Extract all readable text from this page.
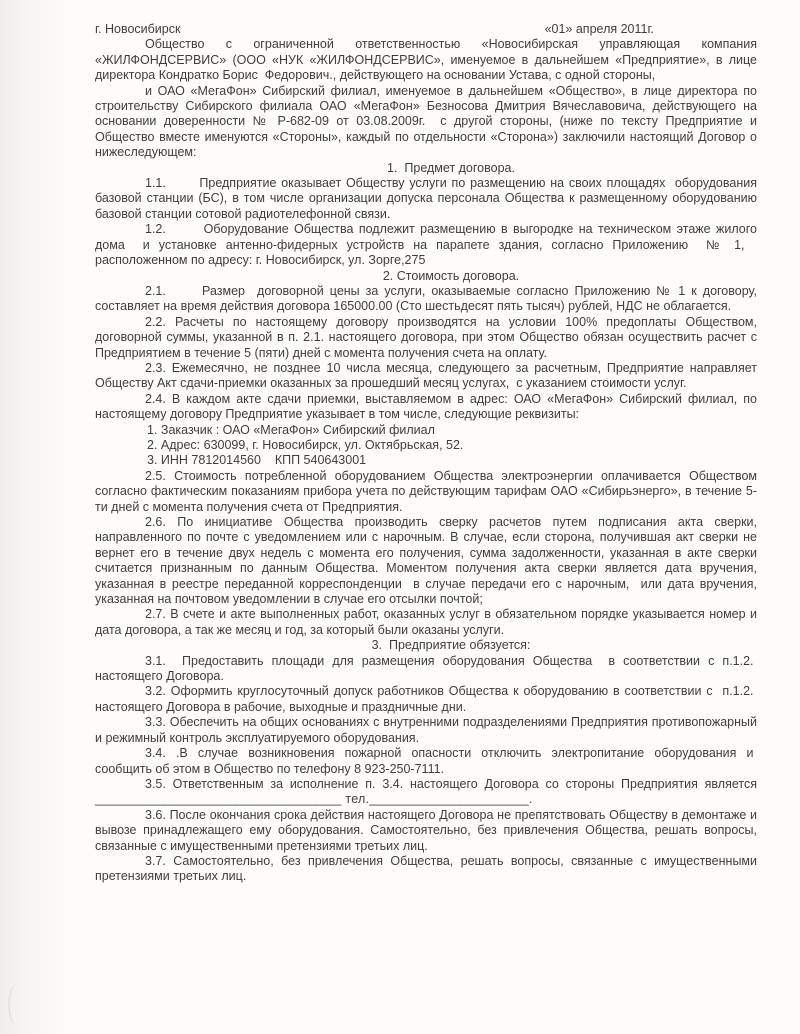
г. Новосибирск	«01» апреля 2011г.

Общество с ограниченной ответственностью «Новосибирская управляющая компания «ЖИЛФОНДСЕРВИС» (ООО «НУК «ЖИЛФОНДСЕРВИС», именуемое в дальнейшем «Предприятие», в лице директора Кондратко Борис  Федорович., действующего на основании Устава, с одной стороны,

и ОАО «МегаФон» Сибирский филиал, именуемое в дальнейшем «Общество», в лице директора по строительству Сибирского филиала ОАО «МегаФон» Безносова Дмитрия Вячеславовича, действующего на основании доверенности № Р-682-09 от 03.08.2009г.  с другой стороны, (ниже по тексту Предприятие и Общество вместе именуются «Стороны», каждый по отдельности «Сторона») заключили настоящий Договор о нижеследующем:

1.  Предмет договора.

1.1.       Предприятие оказывает Обществу услуги по размещению на своих площадях  оборудования базовой станции (БС), в том числе организации допуска персонала Общества к размещенному оборудованию базовой станции сотовой радиотелефонной связи.

1.2.       Оборудование Общества подлежит размещению в выгородке на техническом этаже жилого дома  и установке антенно-фидерных устройств на парапете здания, согласно Приложению  № 1,   расположенном по адресу: г. Новосибирск, ул. Зорге,275

2. Стоимость договора.

2.1.      Размер  договорной цены за услуги, оказываемые согласно Приложению № 1 к договору, составляет на время действия договора 165000.00 (Сто шестьдесят пять тысяч) рублей, НДС не облагается.

2.2. Расчеты по настоящему договору производятся на условии 100% предоплаты Обществом, договорной суммы, указанной в п. 2.1. настоящего договора, при этом Общество обязан осуществить расчет с Предприятием в течение 5 (пяти) дней с момента получения счета на оплату.

2.3. Ежемесячно, не позднее 10 числа месяца, следующего за расчетным, Предприятие направляет Обществу Акт сдачи-приемки оказанных за прошедший месяц услугах,  с указанием стоимости услуг.

2.4. В каждом акте сдачи приемки, выставляемом в адрес: ОАО «МегаФон» Сибирский филиал, по настоящему договору Предприятие указывает в том числе, следующие реквизиты:

1. Заказчик : ОАО «МегаФон» Сибирский филиал

2. Адрес: 630099, г. Новосибирск, ул. Октябрьская, 52.

3. ИНН 7812014560    КПП 540643001

2.5. Стоимость потребленной оборудованием Общества электроэнергии оплачивается Обществом согласно фактическим показаниям прибора учета по действующим тарифам ОАО «Сибирьэнерго», в течение 5-ти дней с момента получения счета от Предприятия.

2.6. По инициативе Общества производить сверку расчетов путем подписания акта сверки, направленного по почте с уведомлением или с нарочным. В случае, если сторона, получившая акт сверки не вернет его в течение двух недель с момента его получения, сумма задолженности, указанная в акте сверки считается признанным по данным Общества. Моментом получения акта сверки является дата вручения, указанная в реестре переданной корреспонденции  в случае передачи его с нарочным,  или дата вручения, указанная на почтовом уведомлении в случае его отсылки почтой;

2.7. В счете и акте выполненных работ, оказанных услуг в обязательном порядке указывается номер и дата договора, а так же месяц и год, за который были оказаны услуги.

3.  Предприятие обязуется:

3.1.  Предоставить площади для размещения оборудования Общества  в соответствии с п.1.2.  настоящего Договора.

3.2. Оформить круглосуточный допуск работников Общества к оборудованию в соответствии с  п.1.2.  настоящего Договора в рабочие, выходные и праздничные дни.

3.3. Обеспечить на общих основаниях с внутренними подразделениями Предприятия противопожарный и режимный контроль эксплуатируемого оборудования.

3.4. .В случае возникновения пожарной опасности отключить электропитание оборудования и  сообщить об этом в Общество по телефону 8 923-250-7111.

3.5. Ответственным за исполнение п. 3.4. настоящего Договора со стороны Предприятия является

__________________________________ тел.______________________.

3.6. После окончания срока действия настоящего Договора не препятствовать Обществу в демонтаже и вывозе принадлежащего ему оборудования. Самостоятельно, без привлечения Общества, решать вопросы, связанные с имущественными претензиями третьих лиц.

3.7. Самостоятельно, без привлечения Общества, решать вопросы, связанные с имущественными претензиями третьих лиц.
